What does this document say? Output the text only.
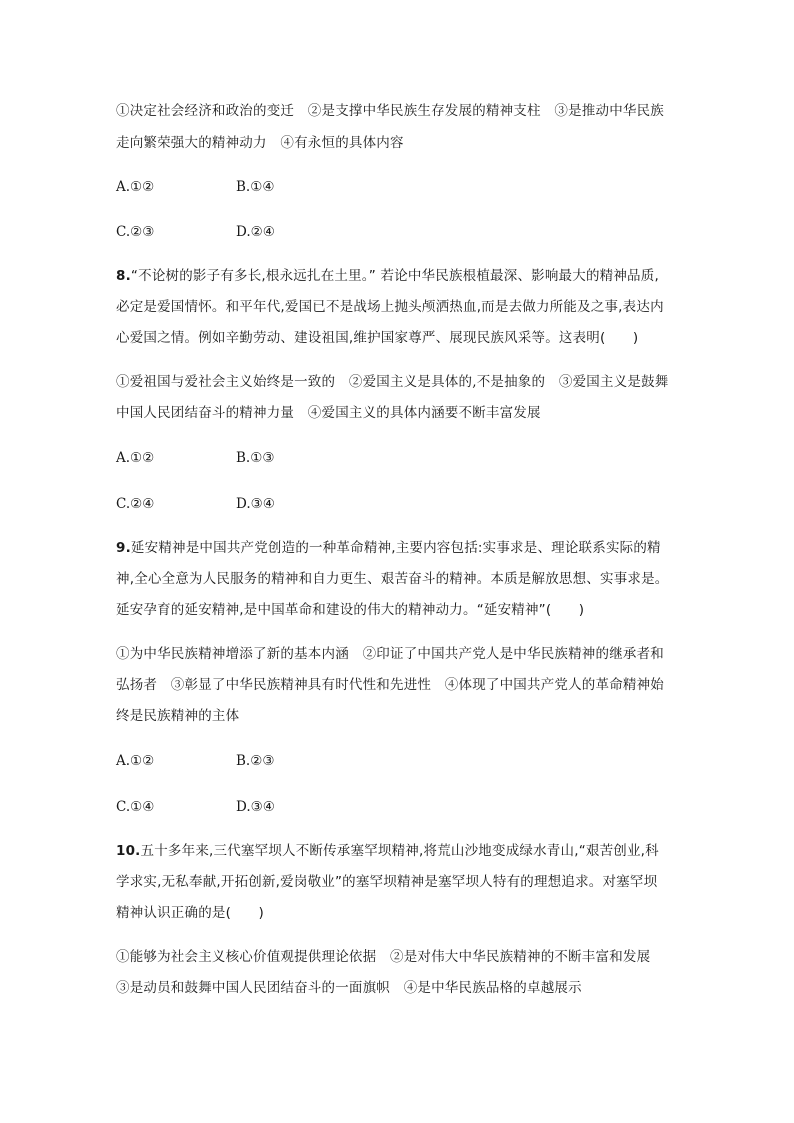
①决定社会经济和政治的变迁　②是支撑中华民族生存发展的精神支柱　③是推动中华民族
走向繁荣强大的精神动力　④有永恒的具体内容
A.①②	B.①④
C.②③	D.②④
8.“不论树的影子有多长,根永远扎在土里。” 若论中华民族根植最深、影响最大的精神品质,
必定是爱国情怀。和平年代,爱国已不是战场上抛头颅洒热血,而是去做力所能及之事,表达内
心爱国之情。例如辛勤劳动、建设祖国,维护国家尊严、展现民族风采等。这表明(　　)
①爱祖国与爱社会主义始终是一致的　②爱国主义是具体的,不是抽象的　③爱国主义是鼓舞
中国人民团结奋斗的精神力量　④爱国主义的具体内涵要不断丰富发展
A.①②	B.①③
C.②④	D.③④
9.延安精神是中国共产党创造的一种革命精神,主要内容包括:实事求是、理论联系实际的精
神,全心全意为人民服务的精神和自力更生、艰苦奋斗的精神。本质是解放思想、实事求是。
延安孕育的延安精神,是中国革命和建设的伟大的精神动力。“延安精神”(　　)
①为中华民族精神增添了新的基本内涵　②印证了中国共产党人是中华民族精神的继承者和
弘扬者　③彰显了中华民族精神具有时代性和先进性　④体现了中国共产党人的革命精神始
终是民族精神的主体
A.①②	B.②③
C.①④	D.③④
10.五十多年来,三代塞罕坝人不断传承塞罕坝精神,将荒山沙地变成绿水青山,“艰苦创业,科
学求实,无私奉献,开拓创新,爱岗敬业”的塞罕坝精神是塞罕坝人特有的理想追求。对塞罕坝
精神认识正确的是(　　)
①能够为社会主义核心价值观提供理论依据　②是对伟大中华民族精神的不断丰富和发展
③是动员和鼓舞中国人民团结奋斗的一面旗帜　④是中华民族品格的卓越展示
